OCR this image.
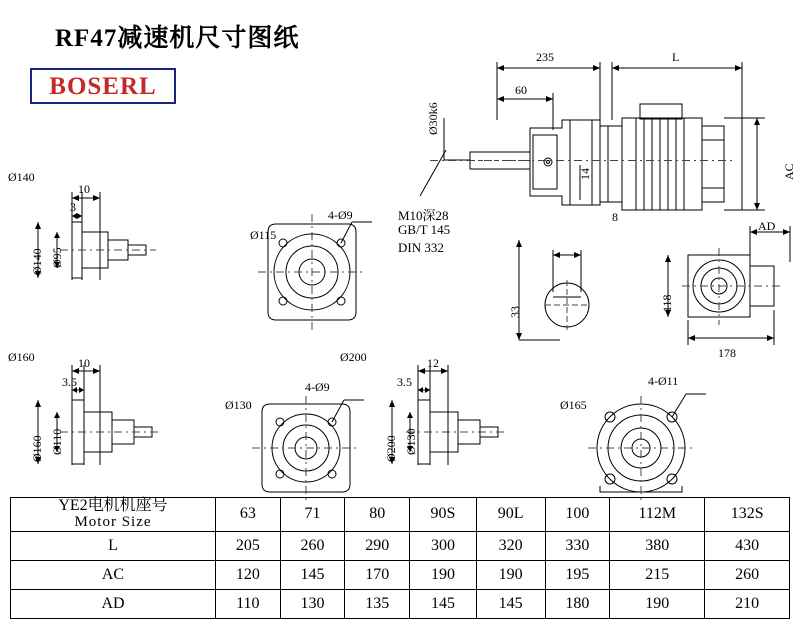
RF47减速机尺寸图纸
BOSERL
235	L
60
Ø30k6
AC
AD
14
M10深28
GB/T 145
DIN 332
8
33	118
178
Ø140
10
3
Ø140 Ø95
Ø115
4-Ø9
Ø160	10
3.5
Ø160 Ø110
Ø130
4-Ø9
Ø200	12
3.5
Ø200 Ø130
Ø165
4-Ø11
YE2电机机座号
Motor Size	63	71	80	90S	90L	100	112M	132S
L	205	260	290	300	320	330	380	430
AC	120	145	170	190	190	195	215	260
AD	110	130	135	145	145	180	190	210
